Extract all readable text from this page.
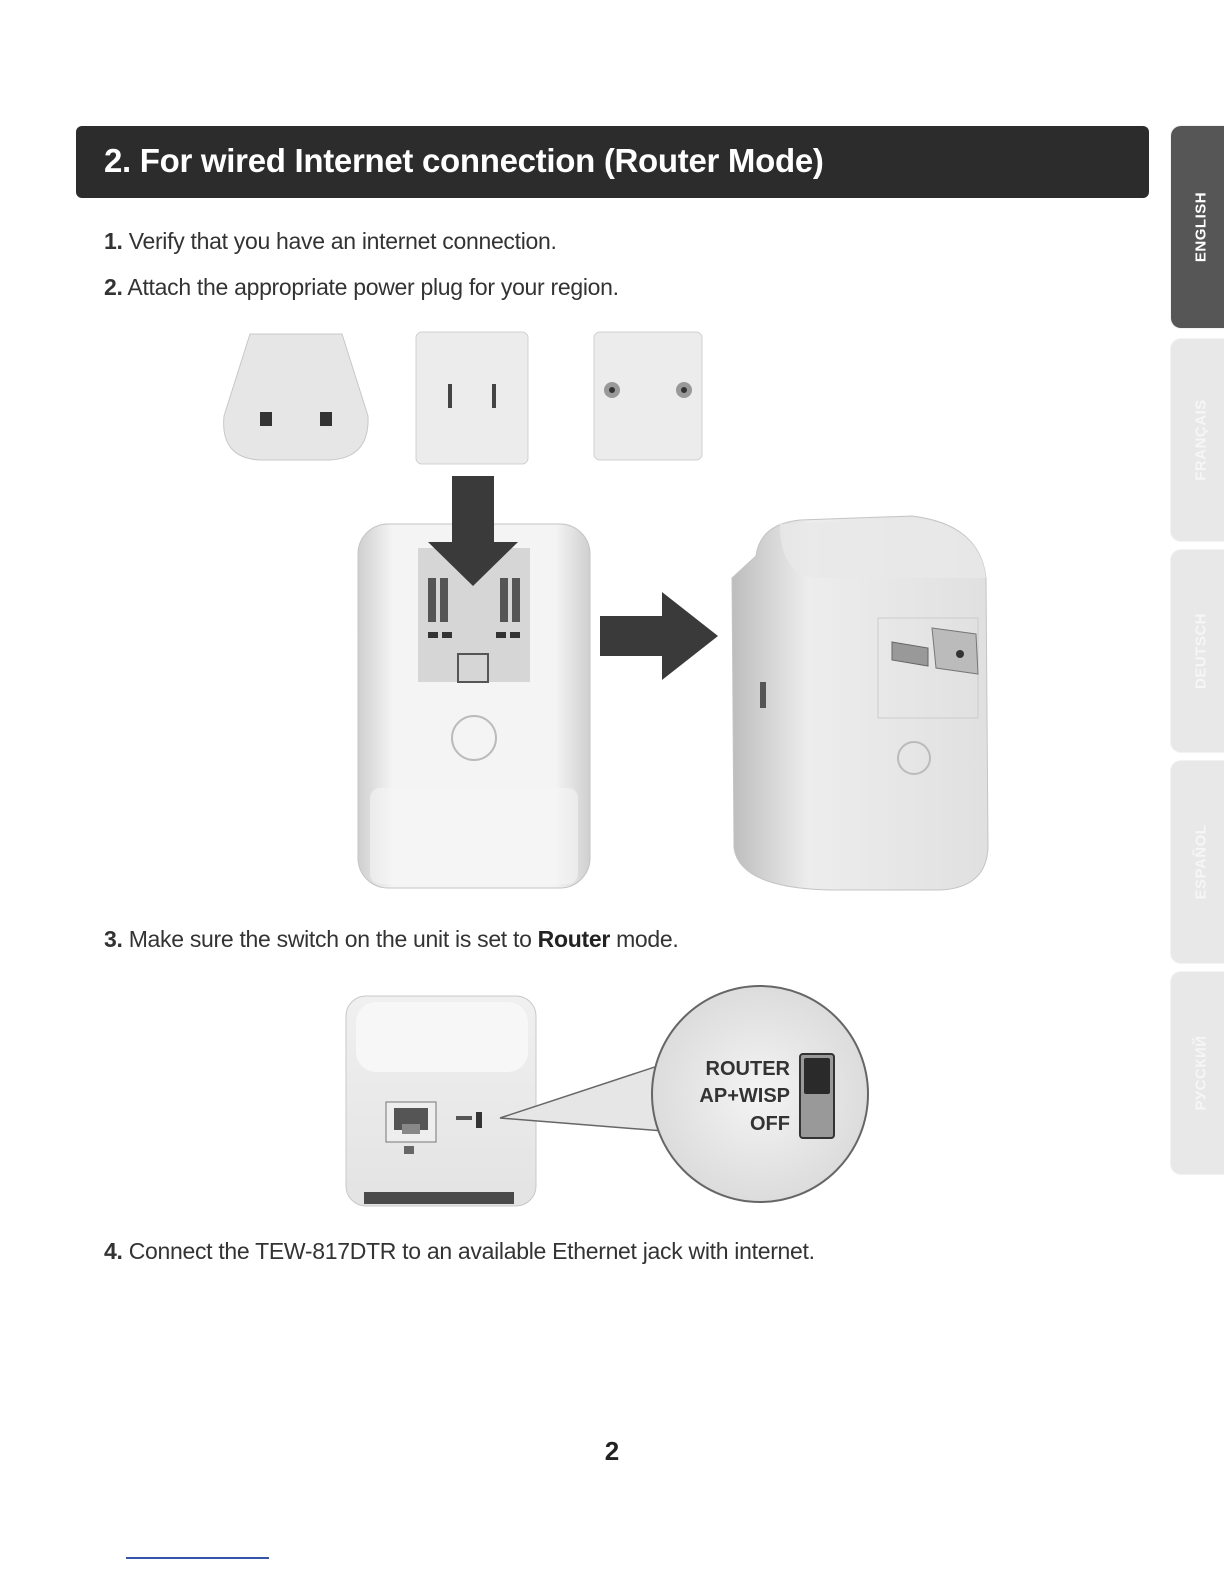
2. For wired Internet connection (Router Mode)
ENGLISH
FRANÇAIS
DEUTSCH
ESPAÑOL
РУССКИЙ
1. Verify that you have an internet connection.
2. Attach the appropriate power plug for your region.
3. Make sure the switch on the unit is set to Router mode.
ROUTER
AP+WISP
OFF
4. Connect the TEW-817DTR to an available Ethernet jack with internet.
2
